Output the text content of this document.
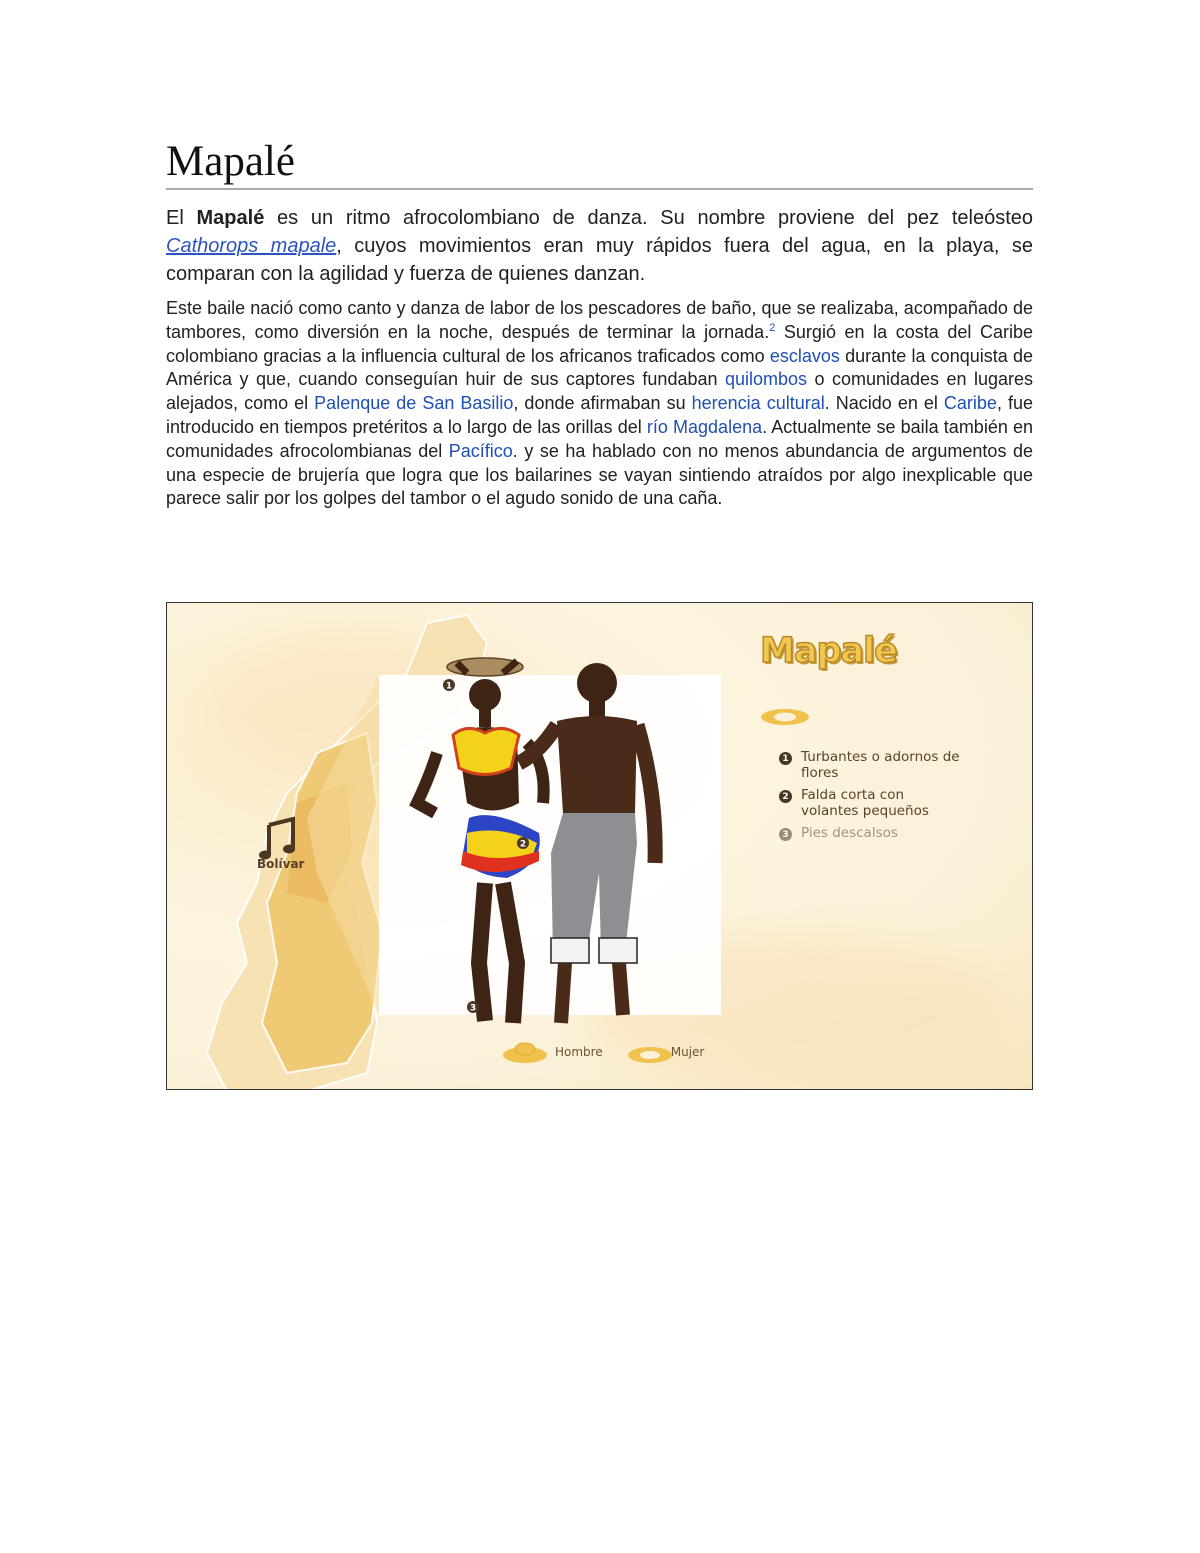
Mapalé

El Mapalé es un ritmo afrocolombiano de danza. Su nombre proviene del pez teleósteo Cathorops mapale, cuyos movimientos eran muy rápidos fuera del agua, en la playa, se comparan con la agilidad y fuerza de quienes danzan.

Este baile nació como canto y danza de labor de los pescadores de baño, que se realizaba, acompañado de tambores, como diversión en la noche, después de terminar la jornada.$^2$ Surgió en la costa del Caribe colombiano gracias a la influencia cultural de los africanos traficados como esclavos durante la conquista de América y que, cuando conseguían huir de sus captores fundaban quilombos o comunidades en lugares alejados, como el Palenque de San Basilio, donde afirmaban su herencia cultural. Nacido en el Caribe, fue introducido en tiempos pretéritos a lo largo de las orillas del río Magdalena. Actualmente se baila también en comunidades afrocolombianas del Pacífico. y se ha hablado con no menos abundancia de argumentos de una especie de brujería que logra que los bailarines se vayan sintiendo atraídos por algo inexplicable que parece salir por los golpes del tambor o el agudo sonido de una caña.

1
2
3
Mapalé
Bolívar
1 Turbantes o adornos de flores
2 Falda corta con volantes pequeños
3 Pies descalsos
Hombre	Mujer
